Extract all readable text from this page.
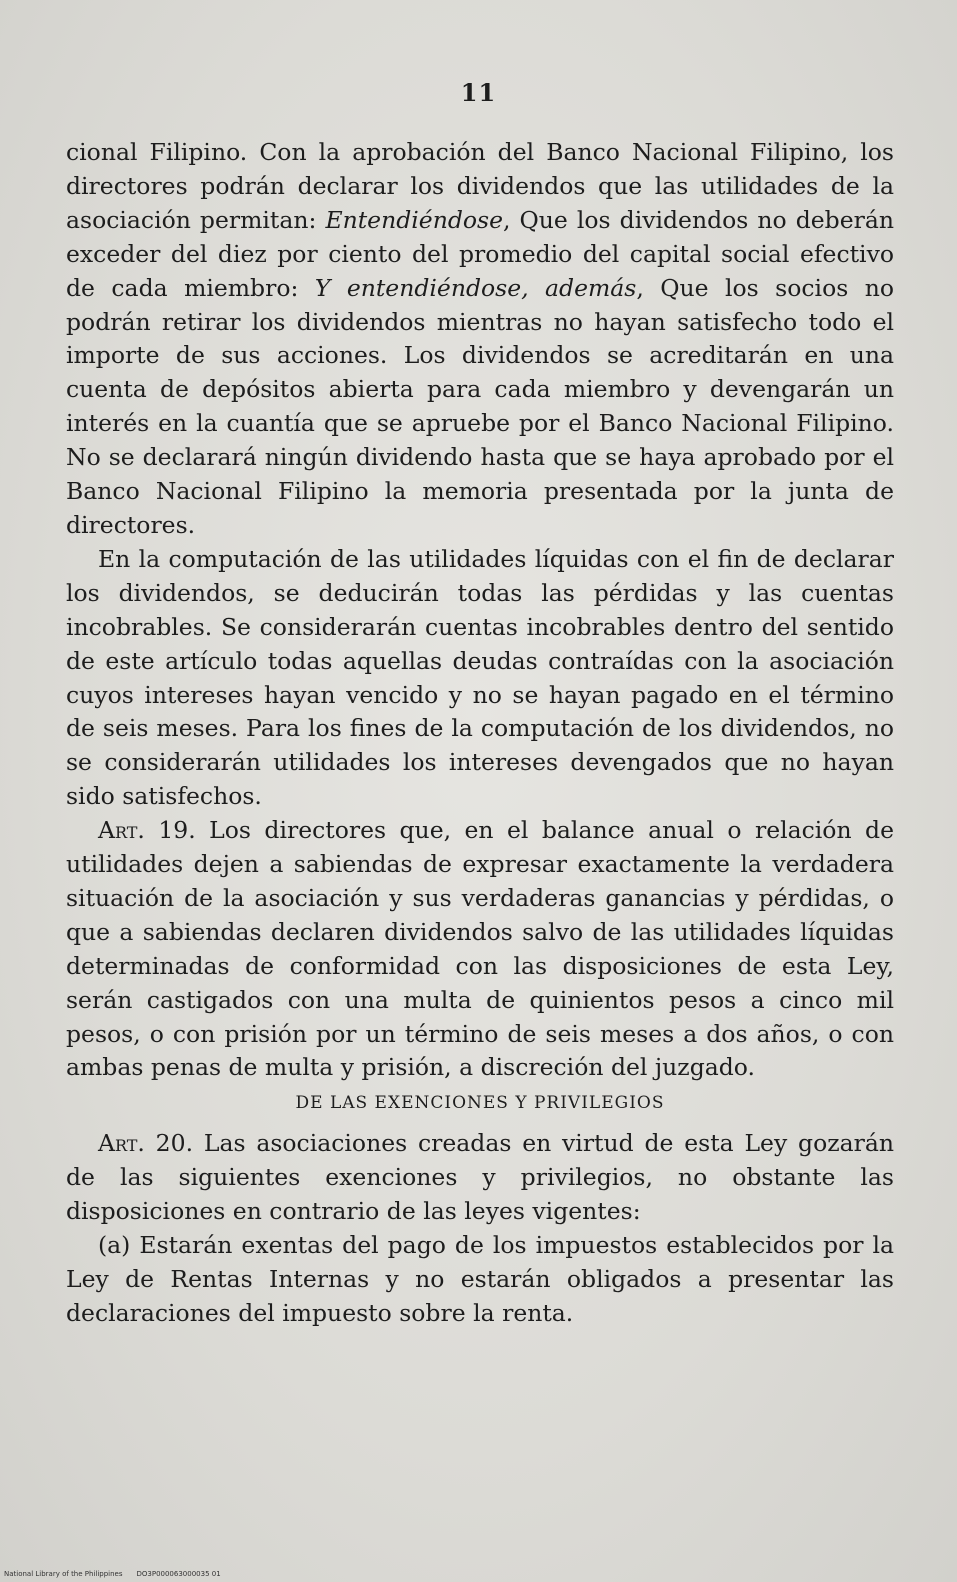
11

cional Filipino. Con la aprobación del Banco Nacional Filipino, los directores podrán declarar los dividendos que las utilidades de la asociación permitan: Entendiéndose, Que los dividendos no deberán exceder del diez por ciento del promedio del capital social efectivo de cada miembro: Y entendiéndose, además, Que los socios no podrán retirar los dividendos mientras no hayan satisfecho todo el importe de sus acciones. Los dividendos se acreditarán en una cuenta de depósitos abierta para cada miembro y devengarán un interés en la cuantía que se apruebe por el Banco Nacional Filipino. No se declarará ningún dividendo hasta que se haya aprobado por el Banco Nacional Filipino la memoria presentada por la junta de directores.

En la computación de las utilidades líquidas con el fin de declarar los dividendos, se deducirán todas las pérdidas y las cuentas incobrables. Se considerarán cuentas incobrables dentro del sentido de este artículo todas aquellas deudas contraídas con la asociación cuyos intereses hayan vencido y no se hayan pagado en el término de seis meses. Para los fines de la computación de los dividendos, no se considerarán utilidades los intereses devengados que no hayan sido satisfechos.

Art. 19. Los directores que, en el balance anual o relación de utilidades dejen a sabiendas de expresar exactamente la verdadera situación de la asociación y sus verdaderas ganancias y pérdidas, o que a sabiendas declaren dividendos salvo de las utilidades líquidas determinadas de conformidad con las disposiciones de esta Ley, serán castigados con una multa de quinientos pesos a cinco mil pesos, o con prisión por un término de seis meses a dos años, o con ambas penas de multa y prisión, a discreción del juzgado.

DE LAS EXENCIONES Y PRIVILEGIOS

Art. 20. Las asociaciones creadas en virtud de esta Ley gozarán de las siguientes exenciones y privilegios, no obstante las disposiciones en contrario de las leyes vigentes:

(a) Estarán exentas del pago de los impuestos establecidos por la Ley de Rentas Internas y no estarán obligados a presentar las declaraciones del impuesto sobre la renta.

National Library of the Philippines DO3P000063000035 01
